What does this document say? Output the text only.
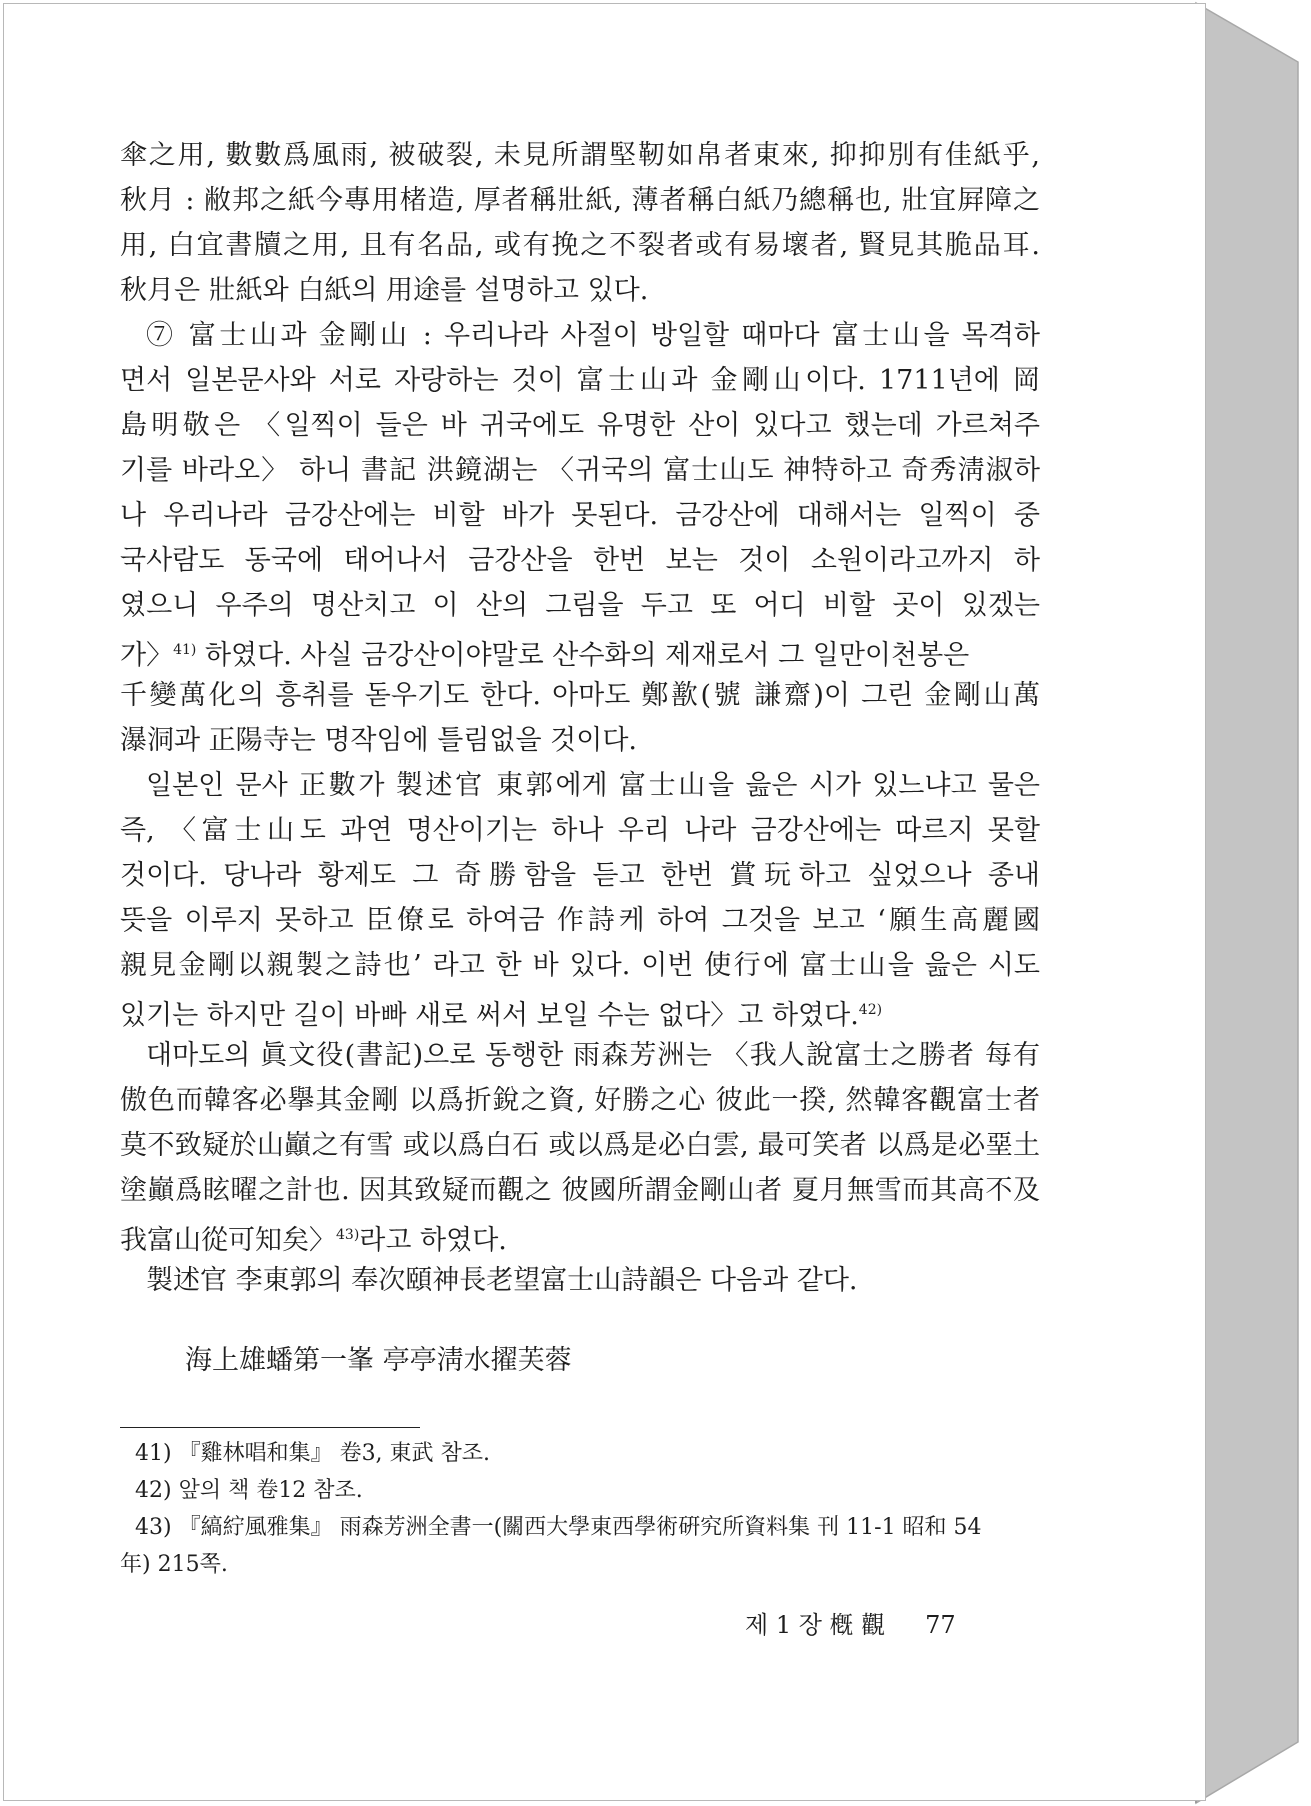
傘之用, 數數爲風雨, 被破裂, 未見所謂堅靭如帛者東來, 抑抑別有佳紙乎,
秋月 : 敝邦之紙今專用楮造, 厚者稱壯紙, 薄者稱白紙乃總稱也, 壯宜屛障之
用, 白宜書牘之用, 且有名品, 或有挽之不裂者或有易壞者, 賢見其脆品耳.
秋月은 壯紙와 白紙의 用途를 설명하고 있다.
⑦ 富士山과 金剛山 : 우리나라 사절이 방일할 때마다 富士山을 목격하
면서 일본문사와 서로 자랑하는 것이 富士山과 金剛山이다. 1711년에 岡
島明敬은 〈일찍이 들은 바 귀국에도 유명한 산이 있다고 했는데 가르쳐주
기를 바라오〉 하니 書記 洪鏡湖는 〈귀국의 富士山도 神特하고 奇秀淸淑하
나 우리나라 금강산에는 비할 바가 못된다. 금강산에 대해서는 일찍이 중
국사람도 동국에 태어나서 금강산을 한번 보는 것이 소원이라고까지 하
였으니 우주의 명산치고 이 산의 그림을 두고 또 어디 비할 곳이 있겠는
가〉$^{41)}$ 하였다. 사실 금강산이야말로 산수화의 제재로서 그 일만이천봉은
千變萬化의 흥취를 돋우기도 한다. 아마도 鄭歚(號 謙齋)이 그린 金剛山萬
瀑洞과 正陽寺는 명작임에 틀림없을 것이다.
일본인 문사 正數가 製述官 東郭에게 富士山을 읊은 시가 있느냐고 물은
즉, 〈富士山도 과연 명산이기는 하나 우리 나라 금강산에는 따르지 못할
것이다. 당나라 황제도 그 奇勝함을 듣고 한번 賞玩하고 싶었으나 종내
뜻을 이루지 못하고 臣僚로 하여금 作詩케 하여 그것을 보고 ‘願生高麗國
親見金剛以親製之詩也’ 라고 한 바 있다. 이번 使行에 富士山을 읊은 시도
있기는 하지만 길이 바빠 새로 써서 보일 수는 없다〉고 하였다.$^{42)}$
대마도의 眞文役(書記)으로 동행한 雨森芳洲는 〈我人說富士之勝者 每有
傲色而韓客必擧其金剛 以爲折銳之資, 好勝之心 彼此一揆, 然韓客觀富士者
莫不致疑於山巓之有雪 或以爲白石 或以爲是必白雲, 最可笑者 以爲是必堊土
塗巓爲眩曜之計也. 因其致疑而觀之 彼國所謂金剛山者 夏月無雪而其高不及
我富山從可知矣〉$^{43)}$라고 하였다.
製述官 李東郭의 奉次頤神長老望富士山詩韻은 다음과 같다.
海上雄蟠第一峯 亭亭淸水擢芙蓉
41) 『雞林唱和集』 卷3, 東武 참조.
42) 앞의 책 卷12 참조.
43) 『縞紵風雅集』 雨森芳洲全書一(關西大學東西學術硏究所資料集 刊 11-1 昭和 54
年) 215쪽.
제 1 장 槪 觀 77
